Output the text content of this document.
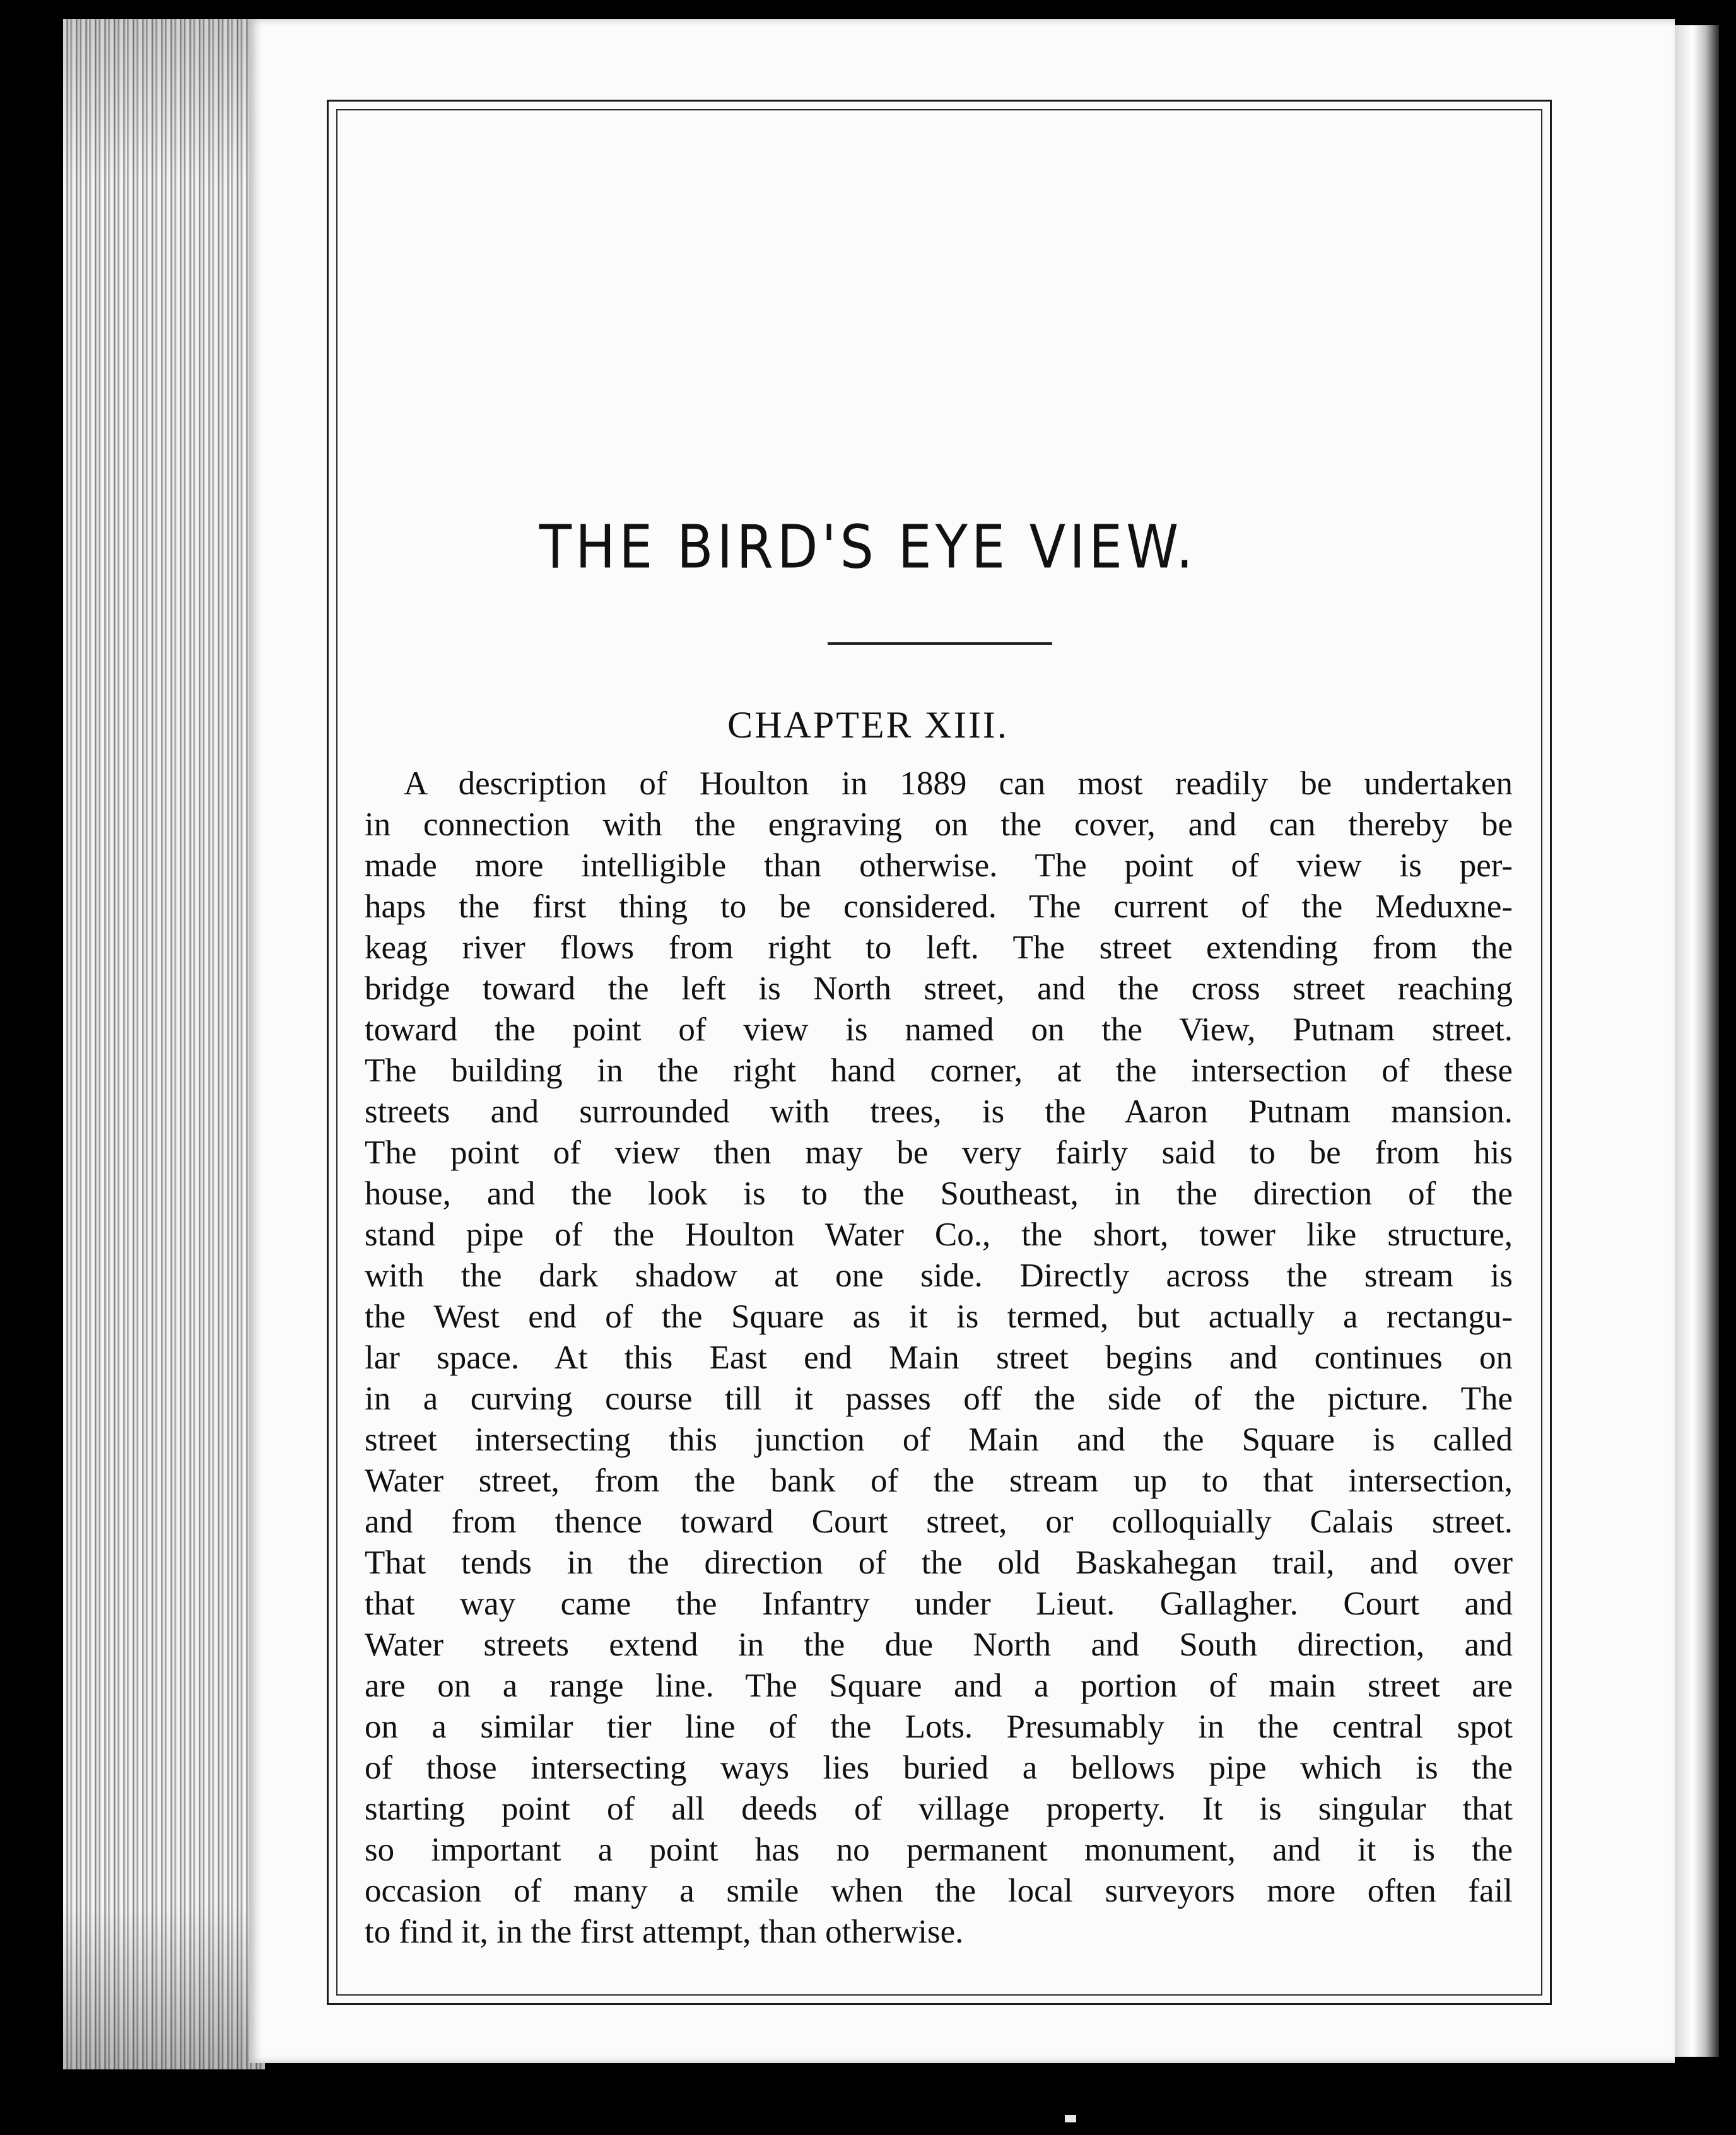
THE BIRD'S EYE VIEW.
CHAPTER XIII.
A description of Houlton in 1889 can most readily be undertaken
in connection with the engraving on the cover, and can thereby be
made more intelligible than otherwise. The point of view is per-
haps the first thing to be considered. The current of the Meduxne-
keag river flows from right to left. The street extending from the
bridge toward the left is North street, and the cross street reaching
toward the point of view is named on the View, Putnam street.
The building in the right hand corner, at the intersection of these
streets and surrounded with trees, is the Aaron Putnam mansion.
The point of view then may be very fairly said to be from his
house, and the look is to the Southeast, in the direction of the
stand pipe of the Houlton Water Co., the short, tower like structure,
with the dark shadow at one side. Directly across the stream is
the West end of the Square as it is termed, but actually a rectangu-
lar space. At this East end Main street begins and continues on
in a curving course till it passes off the side of the picture. The
street intersecting this junction of Main and the Square is called
Water street, from the bank of the stream up to that intersection,
and from thence toward Court street, or colloquially Calais street.
That tends in the direction of the old Baskahegan trail, and over
that way came the Infantry under Lieut. Gallagher. Court and
Water streets extend in the due North and South direction, and
are on a range line. The Square and a portion of main street are
on a similar tier line of the Lots. Presumably in the central spot
of those intersecting ways lies buried a bellows pipe which is the
starting point of all deeds of village property. It is singular that
so important a point has no permanent monument, and it is the
occasion of many a smile when the local surveyors more often fail
to find it, in the first attempt, than otherwise.
